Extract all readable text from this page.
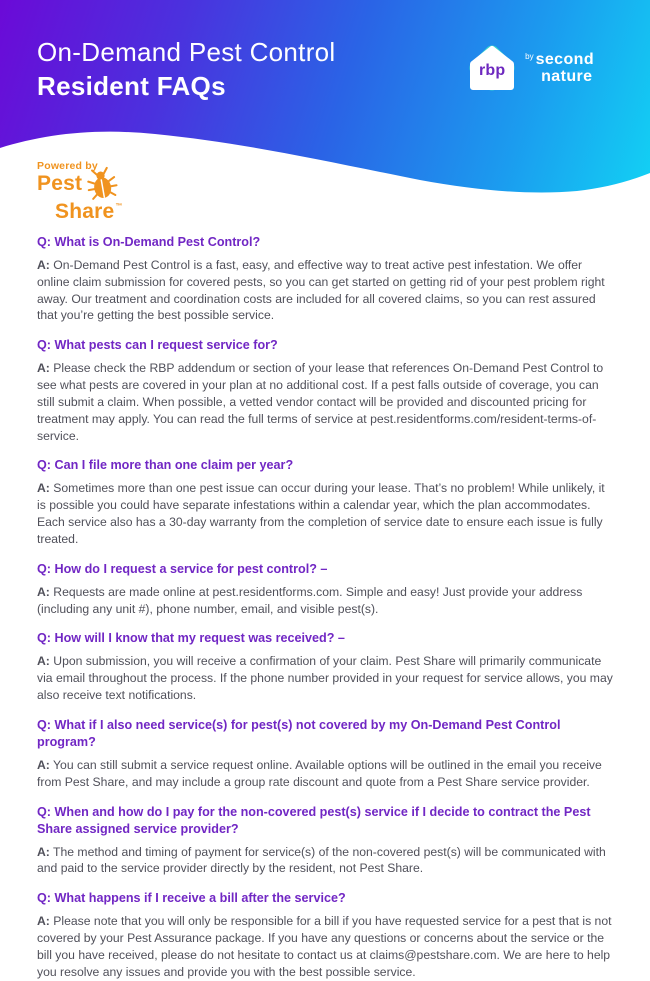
On-Demand Pest Control
Resident FAQs
rbp
by second
nature
Powered by
Pest
Share ™
Q: What is On-Demand Pest Control?

A: On-Demand Pest Control is a fast, easy, and effective way to treat active pest infestation. We offer online claim submission for covered pests, so you can get started on getting rid of your pest problem right away. Our treatment and coordination costs are included for all covered claims, so you can rest assured that you’re getting the best possible service.

Q: What pests can I request service for?

A: Please check the RBP addendum or section of your lease that references On-Demand Pest Control to see what pests are covered in your plan at no additional cost. If a pest falls outside of coverage, you can still submit a claim. When possible, a vetted vendor contact will be provided and discounted pricing for treatment may apply. You can read the full terms of service at pest.residentforms.com/resident-terms-of-service.

Q: Can I file more than one claim per year?

A: Sometimes more than one pest issue can occur during your lease. That’s no problem! While unlikely, it is possible you could have separate infestations within a calendar year, which the plan accommodates. Each service also has a 30-day warranty from the completion of service date to ensure each issue is fully treated.

Q: How do I request a service for pest control? –

A: Requests are made online at pest.residentforms.com. Simple and easy! Just provide your address (including any unit #), phone number, email, and visible pest(s).

Q: How will I know that my request was received? –

A: Upon submission, you will receive a confirmation of your claim. Pest Share will primarily communicate via email throughout the process. If the phone number provided in your request for service allows, you may also receive text notifications.

Q: What if I also need service(s) for pest(s) not covered by my On-Demand Pest Control program?

A: You can still submit a service request online. Available options will be outlined in the email you receive from Pest Share, and may include a group rate discount and quote from a Pest Share service provider.

Q: When and how do I pay for the non-covered pest(s) service if I decide to contract the Pest Share assigned service provider?

A: The method and timing of payment for service(s) of the non-covered pest(s) will be communicated with and paid to the service provider directly by the resident, not Pest Share.

Q: What happens if I receive a bill after the service?

A: Please note that you will only be responsible for a bill if you have requested service for a pest that is not covered by your Pest Assurance package. If you have any questions or concerns about the service or the bill you have received, please do not hesitate to contact us at claims@pestshare.com. We are here to help you resolve any issues and provide you with the best possible service.
